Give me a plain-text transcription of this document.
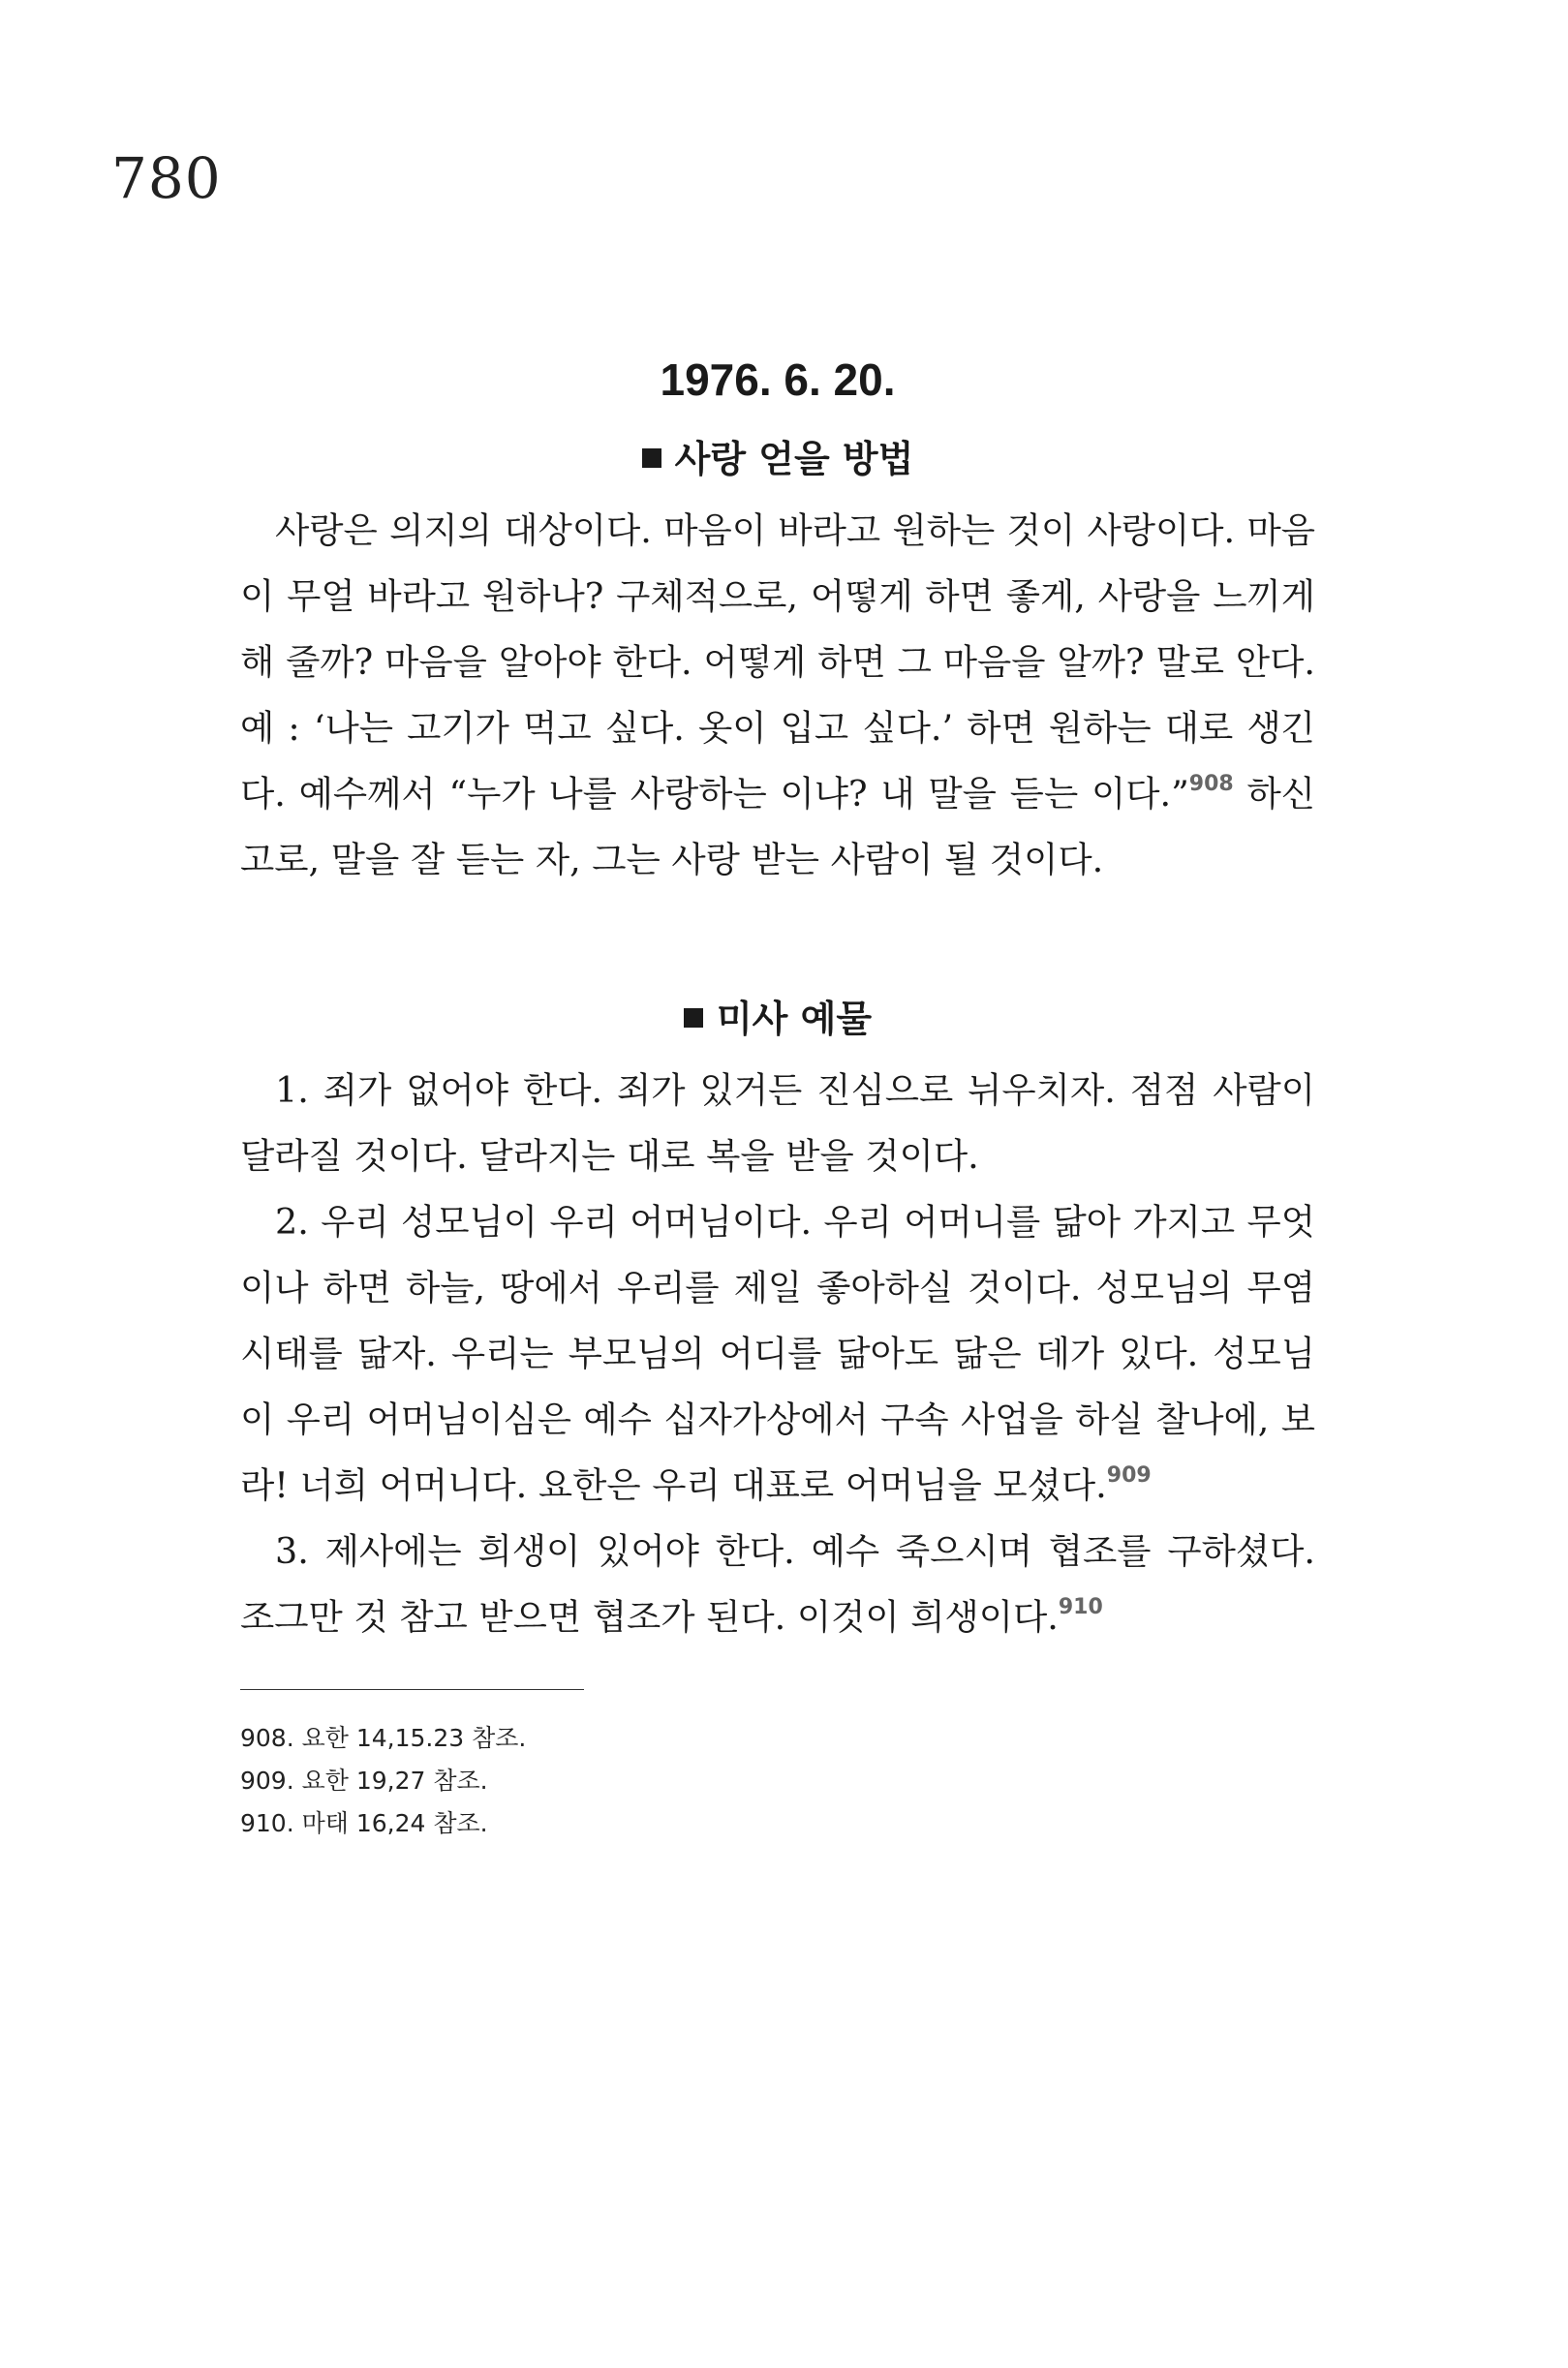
780
1976. 6. 20.
사랑 얻을 방법

사랑은 의지의 대상이다. 마음이 바라고 원하는 것이 사랑이다. 마음이 무얼 바라고 원하나? 구체적으로, 어떻게 하면 좋게, 사랑을 느끼게 해 줄까? 마음을 알아야 한다. 어떻게 하면 그 마음을 알까? 말로 안다. 예 : ‘나는 고기가 먹고 싶다. 옷이 입고 싶다.’ 하면 원하는 대로 생긴다. 예수께서 “누가 나를 사랑하는 이냐? 내 말을 듣는 이다.”$^{908}$ 하신 고로, 말을 잘 듣는 자, 그는 사랑 받는 사람이 될 것이다.

미사 예물

1. 죄가 없어야 한다. 죄가 있거든 진심으로 뉘우치자. 점점 사람이 달라질 것이다. 달라지는 대로 복을 받을 것이다.

2. 우리 성모님이 우리 어머님이다. 우리 어머니를 닮아 가지고 무엇이나 하면 하늘, 땅에서 우리를 제일 좋아하실 것이다. 성모님의 무염시태를 닮자. 우리는 부모님의 어디를 닮아도 닮은 데가 있다. 성모님이 우리 어머님이심은 예수 십자가상에서 구속 사업을 하실 찰나에, 보라! 너희 어머니다. 요한은 우리 대표로 어머님을 모셨다.$^{909}$

3. 제사에는 희생이 있어야 한다. 예수 죽으시며 협조를 구하셨다. 조그만 것 참고 받으면 협조가 된다. 이것이 희생이다.$^{910}$

908. 요한 14,15.23 참조.
909. 요한 19,27 참조.
910. 마태 16,24 참조.
